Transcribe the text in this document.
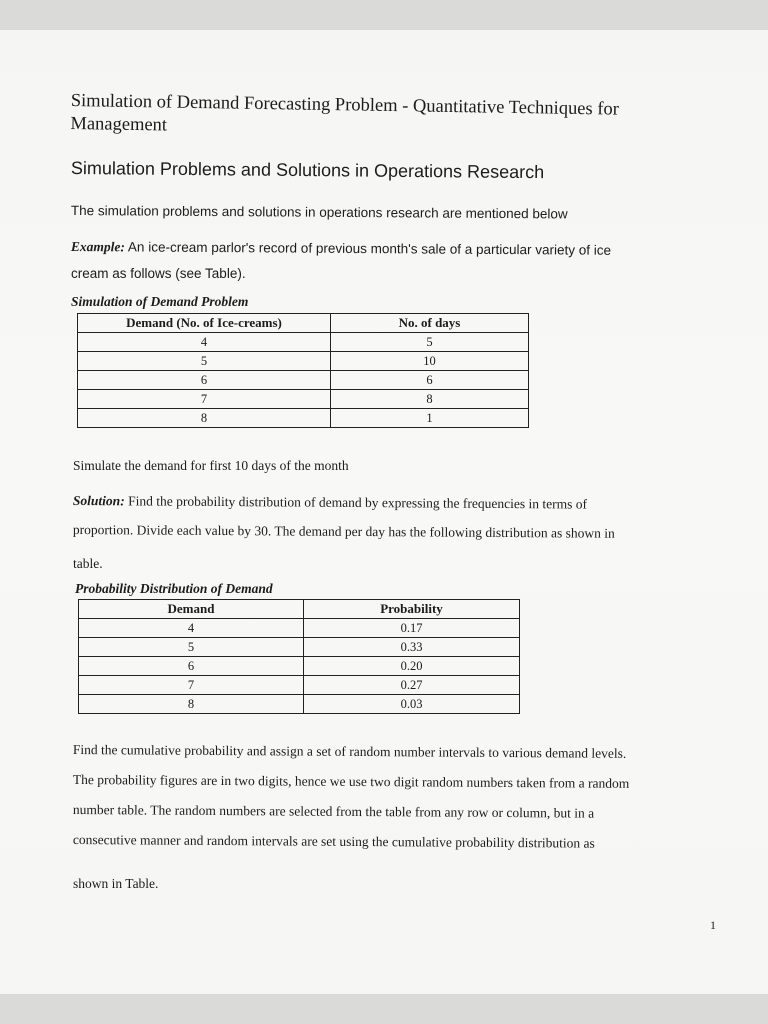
Simulation of Demand Forecasting Problem - Quantitative Techniques for
Management
Simulation Problems and Solutions in Operations Research
The simulation problems and solutions in operations research are mentioned below
Example: An ice-cream parlor's record of previous month's sale of a particular variety of ice
cream as follows (see Table).
Simulation of Demand Problem
Demand (No. of Ice-creams)	No. of days
4	5
5	10
6	6
7	8
8	1
Simulate the demand for first 10 days of the month
Solution: Find the probability distribution of demand by expressing the frequencies in terms of
proportion. Divide each value by 30. The demand per day has the following distribution as shown in
table.
Probability Distribution of Demand
Demand	Probability
4	0.17
5	0.33
6	0.20
7	0.27
8	0.03
Find the cumulative probability and assign a set of random number intervals to various demand levels.
The probability figures are in two digits, hence we use two digit random numbers taken from a random
number table. The random numbers are selected from the table from any row or column, but in a
consecutive manner and random intervals are set using the cumulative probability distribution as
shown in Table.
1
